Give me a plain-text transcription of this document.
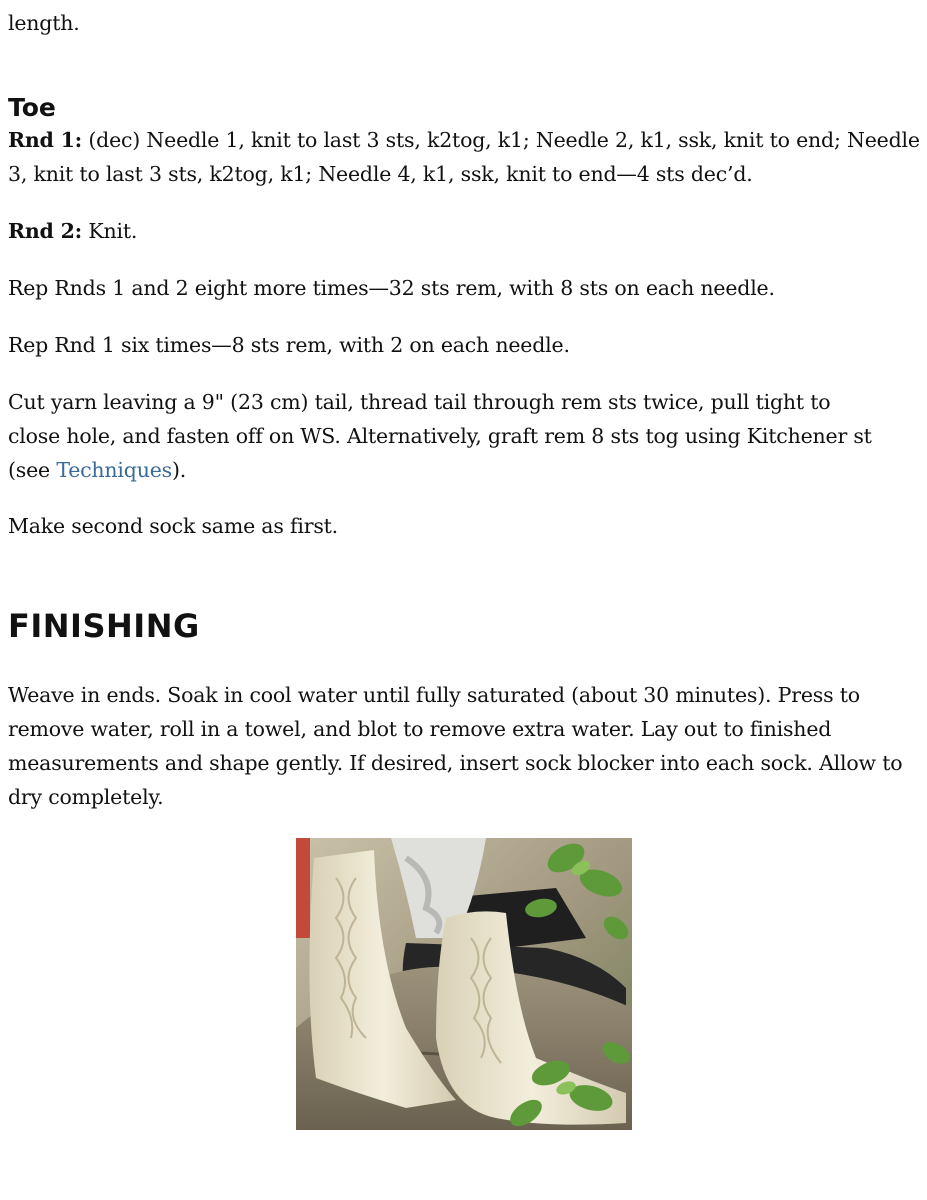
length.

Toe

Rnd 1: (dec) Needle 1, knit to last 3 sts, k2tog, k1; Needle 2, k1, ssk, knit to end; Needle 3, knit to last 3 sts, k2tog, k1; Needle 4, k1, ssk, knit to end—4 sts dec’d.

Rnd 2: Knit.

Rep Rnds 1 and 2 eight more times—32 sts rem, with 8 sts on each needle.

Rep Rnd 1 six times—8 sts rem, with 2 on each needle.

Cut yarn leaving a 9" (23 cm) tail, thread tail through rem sts twice, pull tight to close hole, and fasten off on WS. Alternatively, graft rem 8 sts tog using Kitchener st (see Techniques).

Make second sock same as first.

FINISHING

Weave in ends. Soak in cool water until fully saturated (about 30 minutes). Press to remove water, roll in a towel, and blot to remove extra water. Lay out to finished measurements and shape gently. If desired, insert sock blocker into each sock. Allow to dry completely.
